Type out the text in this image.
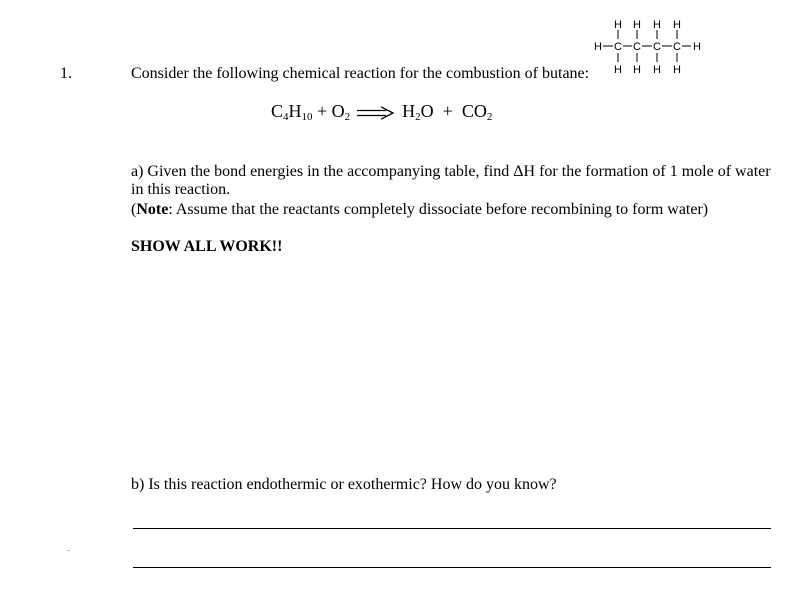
1.	Consider the following chemical reaction for the combustion of butane:
H H H H
H C C C C H
H H H H
$C_4H_{10} + O_2$	$H_2O + CO_2$
a) Given the bond energies in the accompanying table, find ΔH for the formation of 1 mole of water
in this reaction.
(Note: Assume that the reactants completely dissociate before recombining to form water)
SHOW ALL WORK!!
b) Is this reaction endothermic or exothermic? How do you know?
